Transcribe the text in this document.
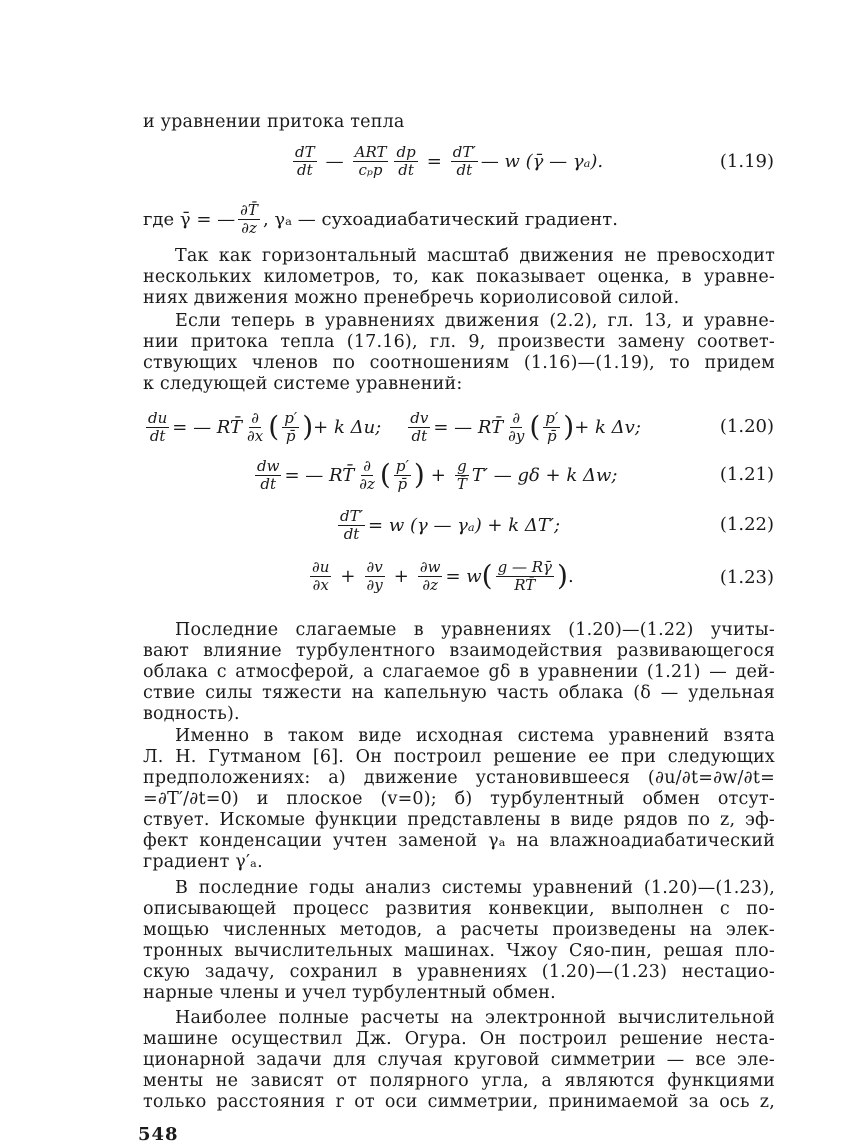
и уравнении притока тепла
$\frac{dT}{dt}$ — $\frac{\text{ART}}{\text{cₚp}} \frac{dp}{dt} = \frac{dT'}{dt}$ — w (γ̄ — γₐ).	(1.19)
где γ̄ = — $\frac{\partial T̄}{\partial z}$ , γₐ — сухоадиабатический градиент.
Так как горизонтальный масштаб движения не превосходит
нескольких километров, то, как показывает оценка, в уравне-
ниях движения можно пренебречь кориолисовой силой.
Если теперь в уравнениях движения (2.2), гл. 13, и уравне-
нии притока тепла (17.16), гл. 9, произвести замену соответ-
ствующих членов по соотношениям (1.16)—(1.19), то придем
к следующей системе уравнений:
$\frac{du}{dt}$ = — RT̄ $\frac{\partial}{\partial x}$ ( $\frac{p'}{p̄}$ ) + k Δu; $\frac{dv}{dt}$ = — RT̄ $\frac{\partial}{\partial y}$ ( $\frac{p'}{p̄}$ ) + k Δv;	(1.20)
$\frac{dw}{dt}$ = — RT̄ $\frac{\partial}{\partial z}$ ( $\frac{p'}{p̄}$ ) + $\frac{g}{T̄} T'$ — gδ + k Δw;	(1.21)
$\frac{dT'}{dt} = w$ (γ — γₐ) + k ΔT′;	(1.22)
$\frac{\partial u}{\partial x} + \frac{\partial v}{\partial y} + \frac{\partial w}{\partial z} = w$ ( $\frac{g — R\gammā}{RT̄}$ ) .	(1.23)
Последние слагаемые в уравнениях (1.20)—(1.22) учиты-
вают влияние турбулентного взаимодействия развивающегося
облака с атмосферой, а слагаемое gδ в уравнении (1.21) — дей-
ствие силы тяжести на капельную часть облака (δ — удельная
водность).
Именно в таком виде исходная система уравнений взята
Л. Н. Гутманом [6]. Он построил решение ее при следующих
предположениях: а) движение установившееся (∂u/∂t=∂w/∂t=
=∂T′/∂t=0) и плоское (v=0); б) турбулентный обмен отсут-
ствует. Искомые функции представлены в виде рядов по z, эф-
фект конденсации учтен заменой γₐ на влажноадиабатический
градиент γ′ₐ.
В последние годы анализ системы уравнений (1.20)—(1.23),
описывающей процесс развития конвекции, выполнен с по-
мощью численных методов, а расчеты произведены на элек-
тронных вычислительных машинах. Чжоу Сяо-пин, решая пло-
скую задачу, сохранил в уравнениях (1.20)—(1.23) нестацио-
нарные члены и учел турбулентный обмен.
Наиболее полные расчеты на электронной вычислительной
машине осуществил Дж. Огура. Он построил решение неста-
ционарной задачи для случая круговой симметрии — все эле-
менты не зависят от полярного угла, а являются функциями
только расстояния r от оси симметрии, принимаемой за ось z,
548
